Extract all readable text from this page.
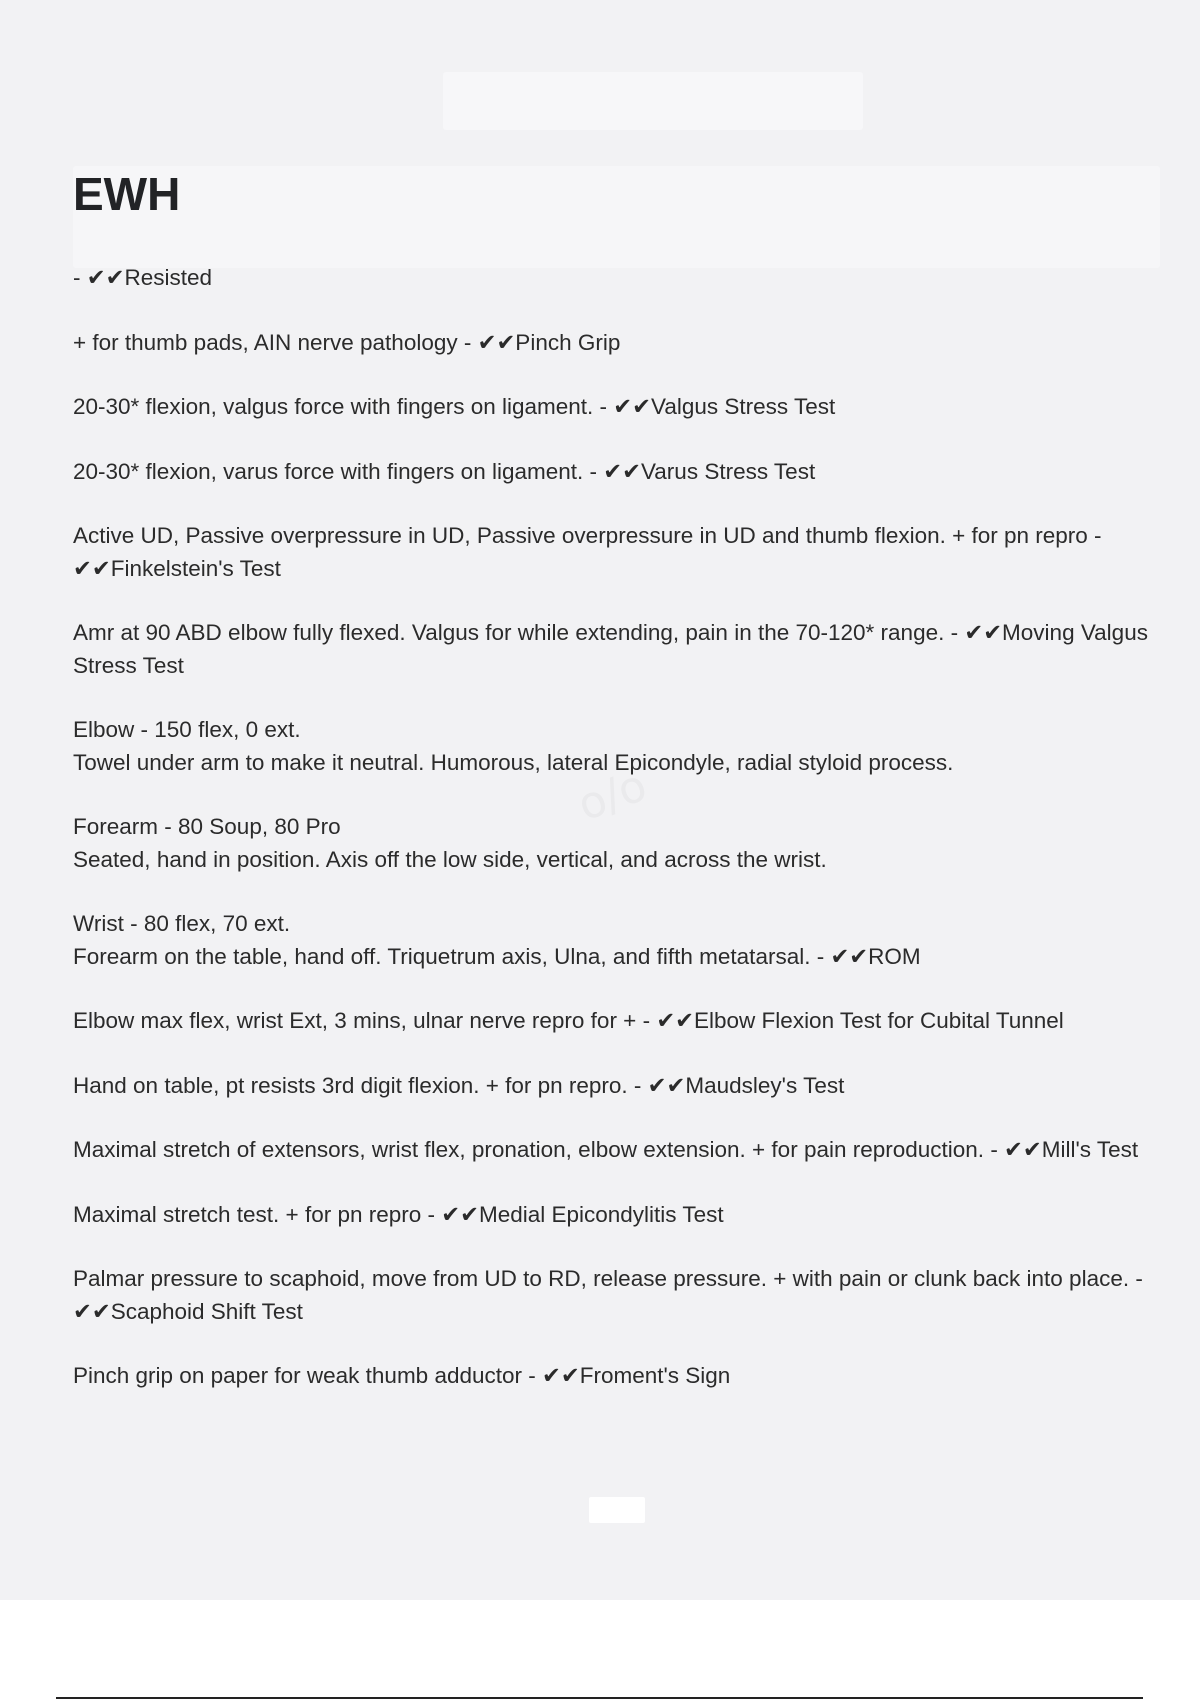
EWH
o/o
- ✔✔Resisted
+ for thumb pads, AIN nerve pathology - ✔✔Pinch Grip
20-30* flexion, valgus force with fingers on ligament. - ✔✔Valgus Stress Test
20-30* flexion, varus force with fingers on ligament. - ✔✔Varus Stress Test
Active UD, Passive overpressure in UD, Passive overpressure in UD and thumb flexion. + for pn repro - ✔✔Finkelstein's Test
Amr at 90 ABD elbow fully flexed. Valgus for while extending, pain in the 70-120* range. - ✔✔Moving Valgus Stress Test
Elbow - 150 flex, 0 ext.
Towel under arm to make it neutral. Humorous, lateral Epicondyle, radial styloid process.
Forearm - 80 Soup, 80 Pro
Seated, hand in position. Axis off the low side, vertical, and across the wrist.
Wrist - 80 flex, 70 ext.
Forearm on the table, hand off. Triquetrum axis, Ulna, and fifth metatarsal. - ✔✔ROM
Elbow max flex, wrist Ext, 3 mins, ulnar nerve repro for + - ✔✔Elbow Flexion Test for Cubital Tunnel
Hand on table, pt resists 3rd digit flexion. + for pn repro. - ✔✔Maudsley's Test
Maximal stretch of extensors, wrist flex, pronation, elbow extension. + for pain reproduction. - ✔✔Mill's Test
Maximal stretch test. + for pn repro - ✔✔Medial Epicondylitis Test
Palmar pressure to scaphoid, move from UD to RD, release pressure. + with pain or clunk back into place. - ✔✔Scaphoid Shift Test
Pinch grip on paper for weak thumb adductor - ✔✔Froment's Sign
